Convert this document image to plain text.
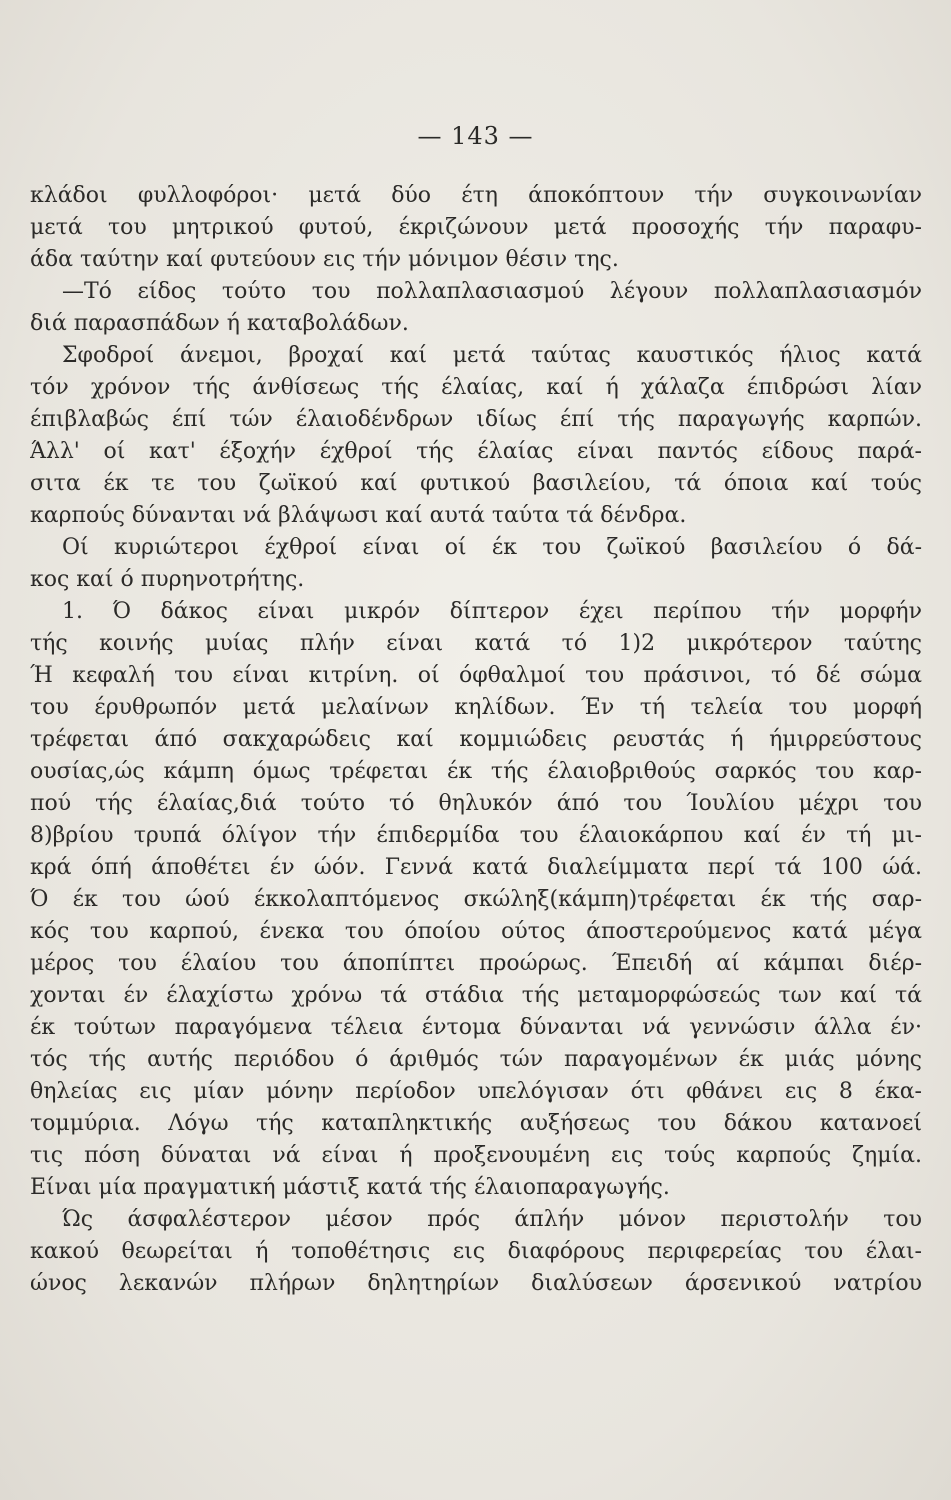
— 143 —
κλάδοι φυλλοφόροι· μετά δύο έτη άποκόπτουν τήν συγκοινωνίαν
μετά του μητρικού φυτού, έκριζώνουν μετά προσοχής τήν παραφυ-
άδα ταύτην καί φυτεύουν εις τήν μόνιμον θέσιν της.
—Τό είδος τούτο του πολλαπλασιασμού λέγουν πολλαπλασιασμόν
διά παρασπάδων ή καταβολάδων.
Σφοδροί άνεμοι, βροχαί καί μετά ταύτας καυστικός ήλιος κατά
τόν χρόνον τής άνθίσεως τής έλαίας, καί ή χάλαζα έπιδρώσι λίαν
έπιβλαβώς έπί τών έλαιοδένδρων ιδίως έπί τής παραγωγής καρπών.
Άλλ' οί κατ' έξοχήν έχθροί τής έλαίας είναι παντός είδους παρά-
σιτα έκ τε του ζωϊκού καί φυτικού βασιλείου, τά όποια καί τούς
καρπούς δύνανται νά βλάψωσι καί αυτά ταύτα τά δένδρα.
Οί κυριώτεροι έχθροί είναι οί έκ του ζωϊκού βασιλείου ό δά-
κος καί ό πυρηνοτρήτης.
1. Ό δάκος είναι μικρόν δίπτερον έχει περίπου τήν μορφήν
τής κοινής μυίας πλήν είναι κατά τό 1)2 μικρότερον ταύτης
Ή κεφαλή του είναι κιτρίνη. οί όφθαλμοί του πράσινοι, τό δέ σώμα
του έρυθρωπόν μετά μελαίνων κηλίδων. Έν τή τελεία του μορφή
τρέφεται άπό σακχαρώδεις καί κομμιώδεις ρευστάς ή ήμιρρεύστους
ουσίας,ώς κάμπη όμως τρέφεται έκ τής έλαιοβριθούς σαρκός του καρ-
πού τής έλαίας,διά τούτο τό θηλυκόν άπό του Ίουλίου μέχρι του
8)βρίου τρυπά όλίγον τήν έπιδερμίδα του έλαιοκάρπου καί έν τή μι-
κρά όπή άποθέτει έν ώόν. Γεννά κατά διαλείμματα περί τά 100 ώά.
Ό έκ του ώού έκκολαπτόμενος σκώληξ(κάμπη)τρέφεται έκ τής σαρ-
κός του καρπού, ένεκα του όποίου ούτος άποστερούμενος κατά μέγα
μέρος του έλαίου του άποπίπτει προώρως. Έπειδή αί κάμπαι διέρ-
χονται έν έλαχίστω χρόνω τά στάδια τής μεταμορφώσεώς των καί τά
έκ τούτων παραγόμενα τέλεια έντομα δύνανται νά γεννώσιν άλλα έν·
τός τής αυτής περιόδου ό άριθμός τών παραγομένων έκ μιάς μόνης
θηλείας εις μίαν μόνην περίοδον υπελόγισαν ότι φθάνει εις 8 έκα-
τομμύρια. Λόγω τής καταπληκτικής αυξήσεως του δάκου κατανοεί
τις πόση δύναται νά είναι ή προξενουμένη εις τούς καρπούς ζημία.
Είναι μία πραγματική μάστιξ κατά τής έλαιοπαραγωγής.
Ώς άσφαλέστερον μέσον πρός άπλήν μόνον περιστολήν του
κακού θεωρείται ή τοποθέτησις εις διαφόρους περιφερείας του έλαι-
ώνος λεκανών πλήρων δηλητηρίων διαλύσεων άρσενικού νατρίου
